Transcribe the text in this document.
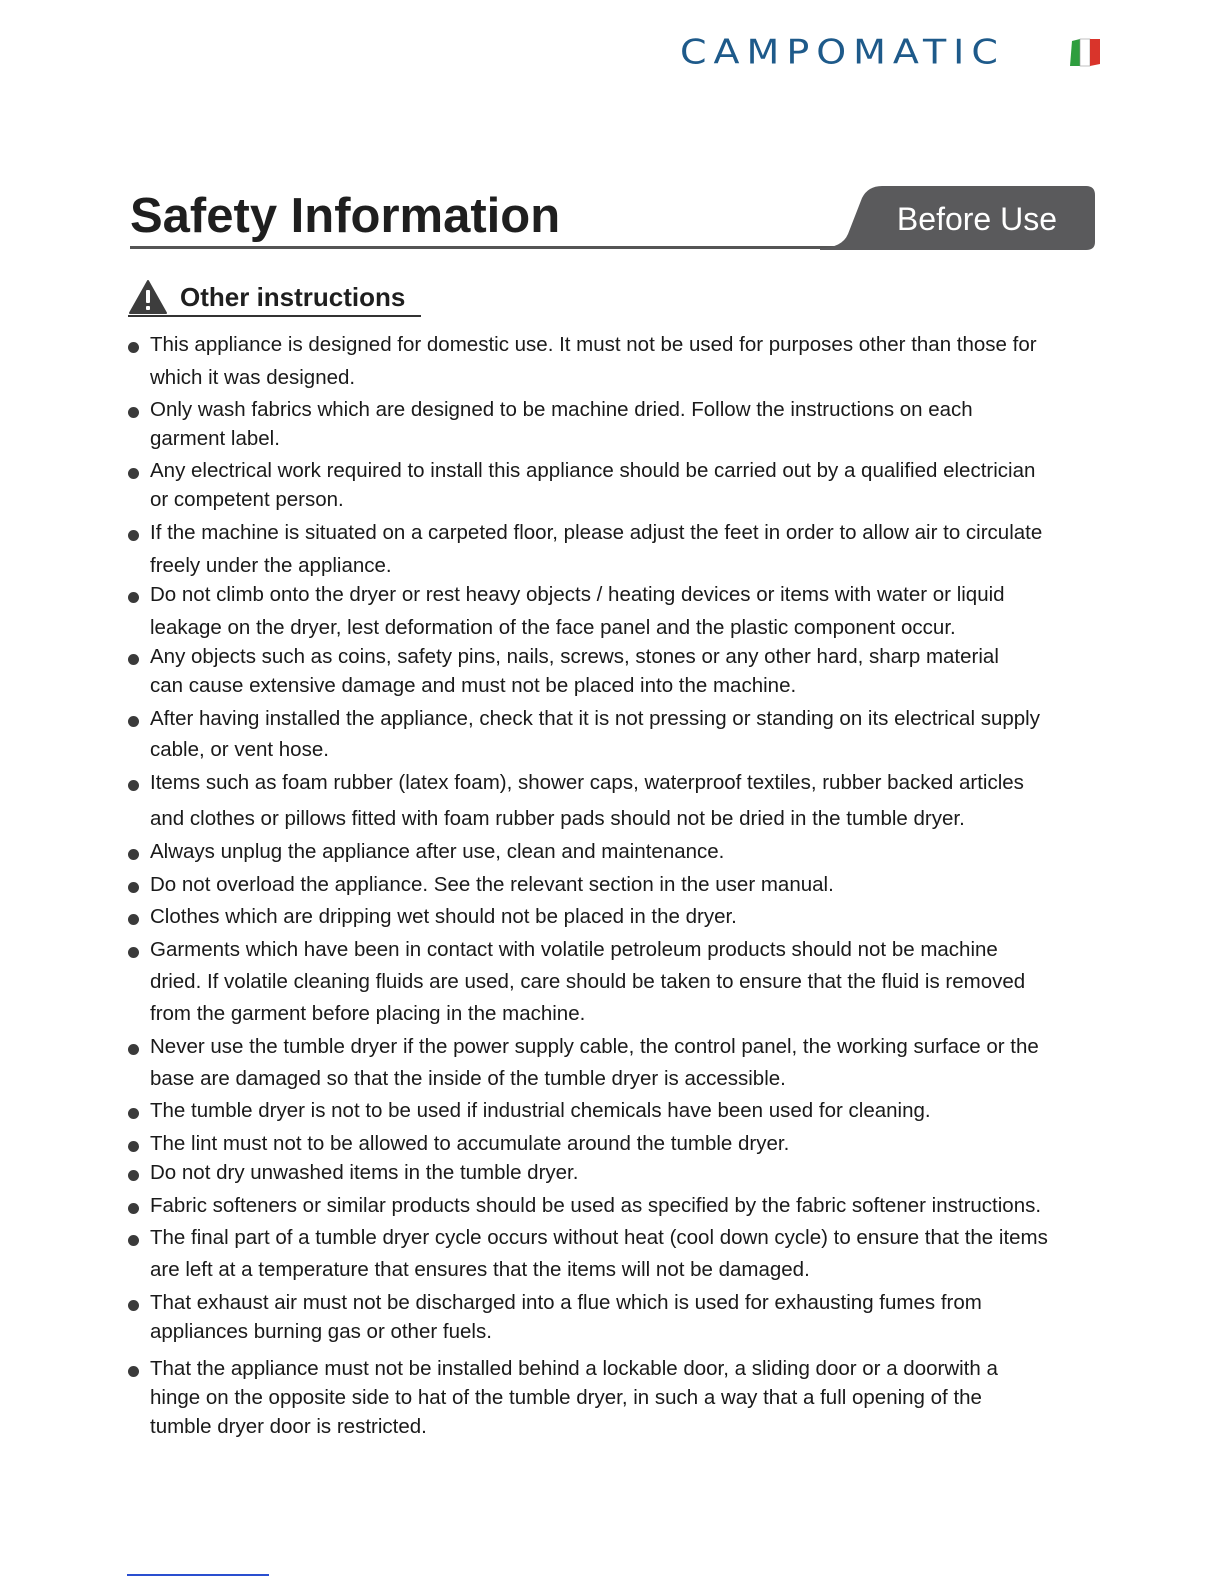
CAMPOMATIC
Safety Information	Before Use
Other instructions
This appliance is designed for domestic use. It must not be used for purposes other than those for
which it was designed.
Only wash fabrics which are designed to be machine dried. Follow the instructions on each
garment label.
Any electrical work required to install this appliance should be carried out by a qualified electrician
or competent person.
If the machine is situated on a carpeted floor, please adjust the feet in order to allow air to circulate
freely under the appliance.
Do not climb onto the dryer or rest heavy objects / heating devices or items with water or liquid
leakage on the dryer, lest deformation of the face panel and the plastic component occur.
Any objects such as coins, safety pins, nails, screws, stones or any other hard, sharp material
can cause extensive damage and must not be placed into the machine.
After having installed the appliance, check that it is not pressing or standing on its electrical supply
cable, or vent hose.
Items such as foam rubber (latex foam), shower caps, waterproof textiles, rubber backed articles
and clothes or pillows fitted with foam rubber pads should not be dried in the tumble dryer.
Always unplug the appliance after use, clean and maintenance.
Do not overload the appliance. See the relevant section in the user manual.
Clothes which are dripping wet should not be placed in the dryer.
Garments which have been in contact with volatile petroleum products should not be machine
dried. If volatile cleaning fluids are used, care should be taken to ensure that the fluid is removed
from the garment before placing in the machine.
Never use the tumble dryer if the power supply cable, the control panel, the working surface or the
base are damaged so that the inside of the tumble dryer is accessible.
The tumble dryer is not to be used if industrial chemicals have been used for cleaning.
The lint must not to be allowed to accumulate around the tumble dryer.
Do not dry unwashed items in the tumble dryer.
Fabric softeners or similar products should be used as specified by the fabric softener instructions.
The final part of a tumble dryer cycle occurs without heat (cool down cycle) to ensure that the items
are left at a temperature that ensures that the items will not be damaged.
That exhaust air must not be discharged into a flue which is used for exhausting fumes from
appliances burning gas or other fuels.
That the appliance must not be installed behind a lockable door, a sliding door or a doorwith a
hinge on the opposite side to hat of the tumble dryer, in such a way that a full opening of the
tumble dryer door is restricted.
